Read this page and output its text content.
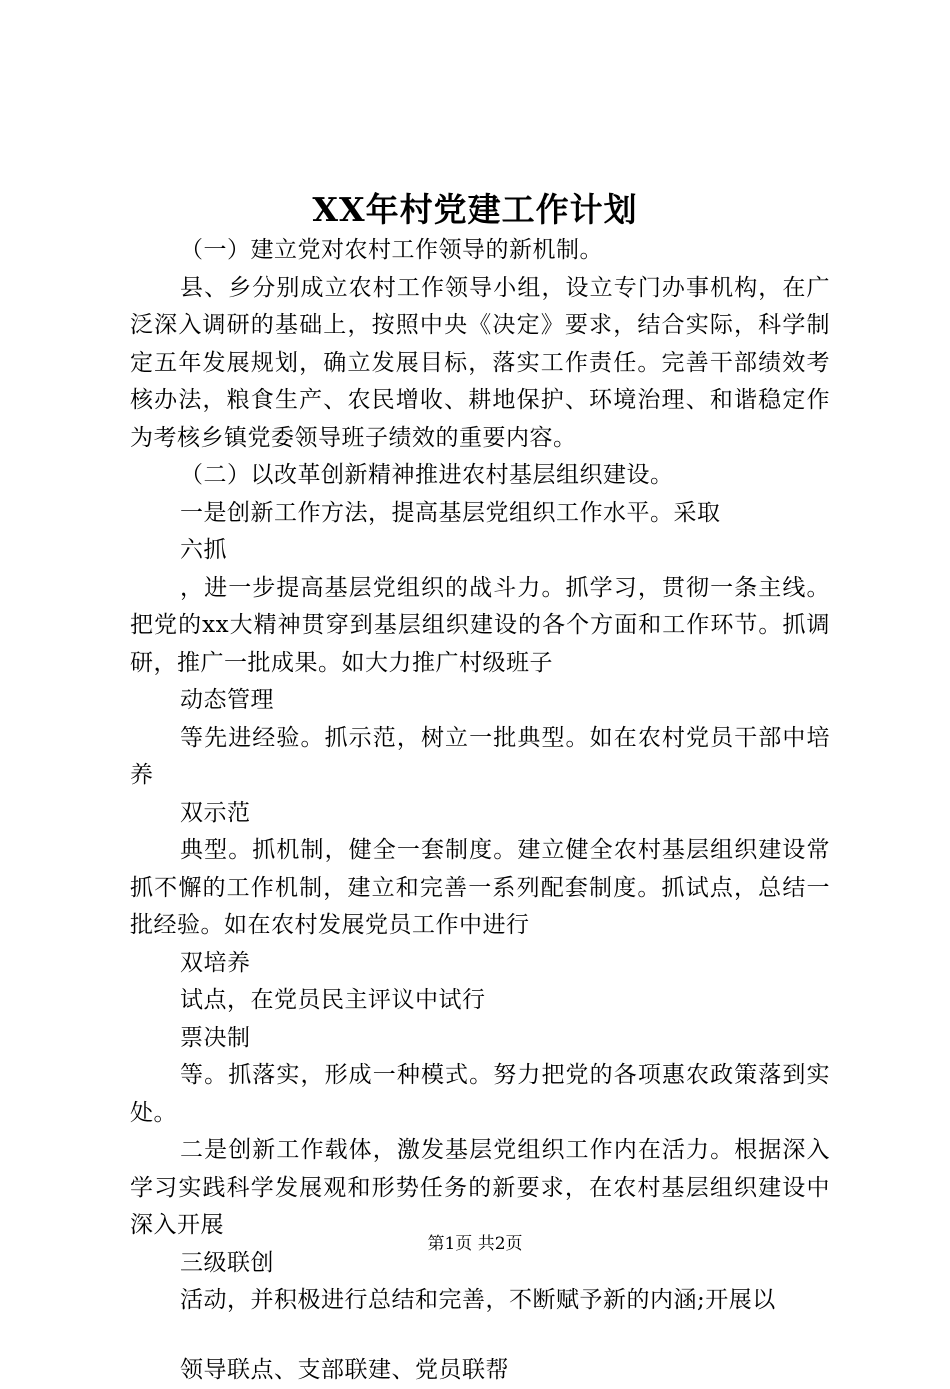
XX年村党建工作计划

（一）建立党对农村工作领导的新机制。

县、乡分别成立农村工作领导小组，设立专门办事机构，在广泛深入调研的基础上，按照中央《决定》要求，结合实际，科学制定五年发展规划，确立发展目标，落实工作责任。完善干部绩效考核办法，粮食生产、农民增收、耕地保护、环境治理、和谐稳定作为考核乡镇党委领导班子绩效的重要内容。

（二）以改革创新精神推进农村基层组织建设。

一是创新工作方法，提高基层党组织工作水平。采取

六抓

，进一步提高基层党组织的战斗力。抓学习，贯彻一条主线。把党的xx大精神贯穿到基层组织建设的各个方面和工作环节。抓调研，推广一批成果。如大力推广村级班子

动态管理

等先进经验。抓示范，树立一批典型。如在农村党员干部中培养

双示范

典型。抓机制，健全一套制度。建立健全农村基层组织建设常抓不懈的工作机制，建立和完善一系列配套制度。抓试点，总结一批经验。如在农村发展党员工作中进行

双培养

试点，在党员民主评议中试行

票决制

等。抓落实，形成一种模式。努力把党的各项惠农政策落到实处。

二是创新工作载体，激发基层党组织工作内在活力。根据深入学习实践科学发展观和形势任务的新要求，在农村基层组织建设中深入开展

三级联创

活动，并积极进行总结和完善，不断赋予新的内涵;开展以

领导联点、支部联建、党员联帮

第1页 共2页
